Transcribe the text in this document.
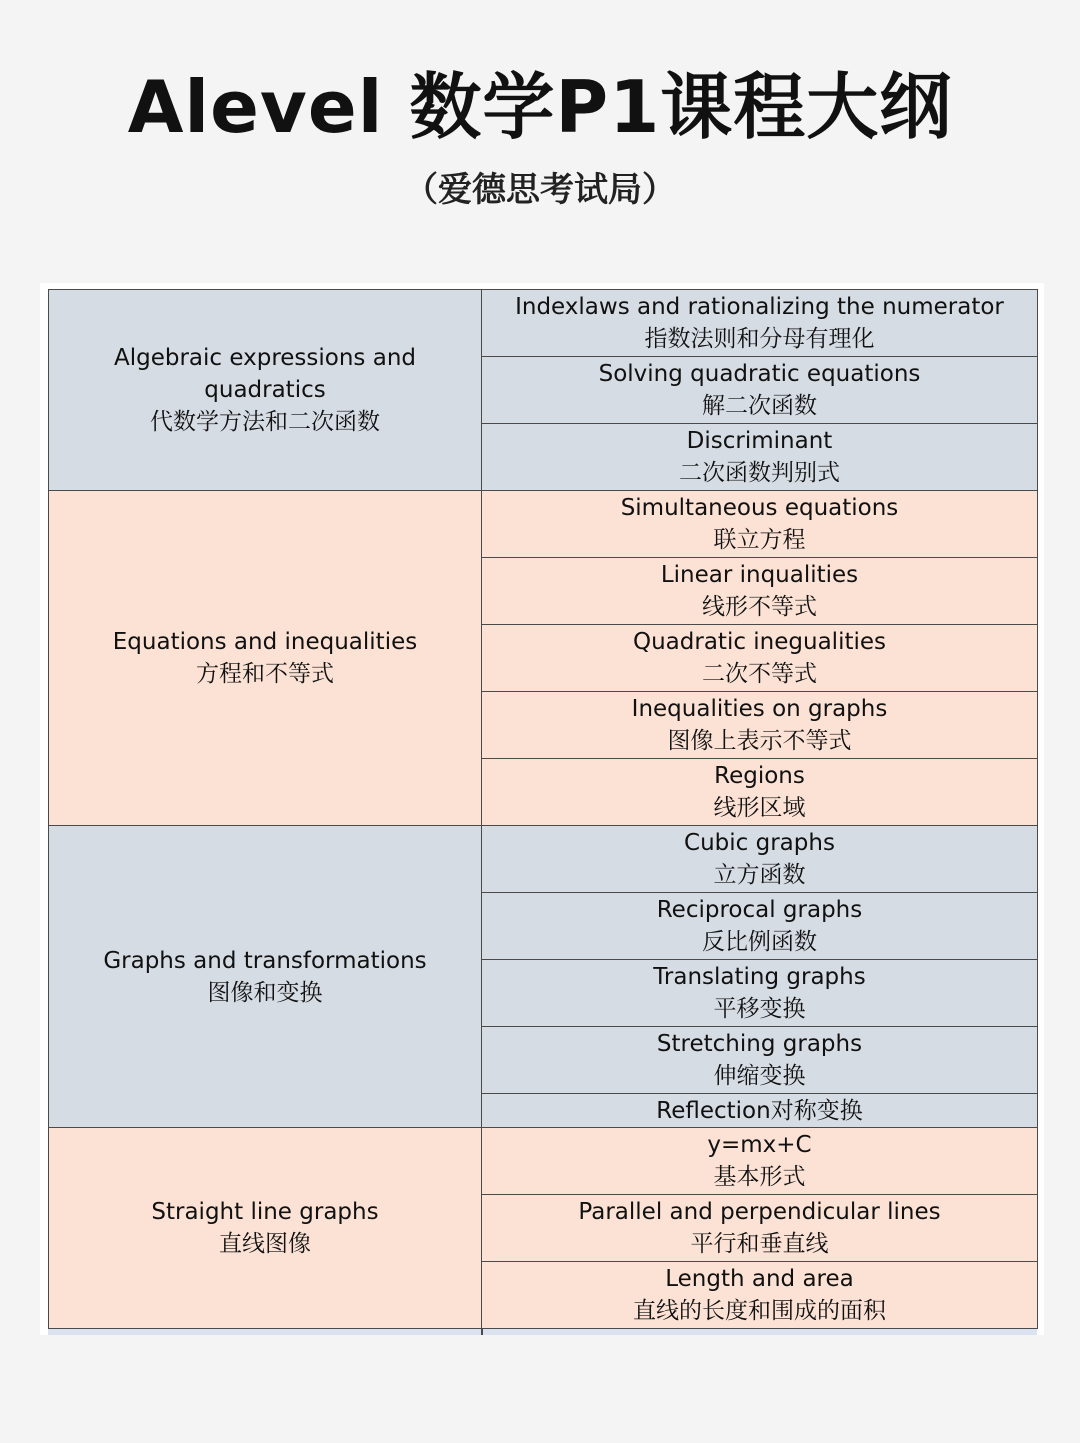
Alevel 数学P1课程大纲
（爱德思考试局）
Algebraic expressions and quadratics
代数学方法和二次函数	Indexlaws and rationalizing the numerator
指数法则和分母有理化

	Solving quadratic equations
解二次函数

	Discriminant
二次函数判别式

Equations and inequalities
方程和不等式	Simultaneous equations
联立方程

	Linear inqualities
线形不等式

	Quadratic inegualities
二次不等式

	Inequalities on graphs
图像上表示不等式

	Regions
线形区域

Graphs and transformations
图像和变换	Cubic graphs
立方函数

	Reciprocal graphs
反比例函数

	Translating graphs
平移变换

	Stretching graphs
伸缩变换

	Reflection对称变换

Straight line graphs
直线图像	y=mx+C
基本形式

	Parallel and perpendicular lines
平行和垂直线

	Length and area
直线的长度和围成的面积
